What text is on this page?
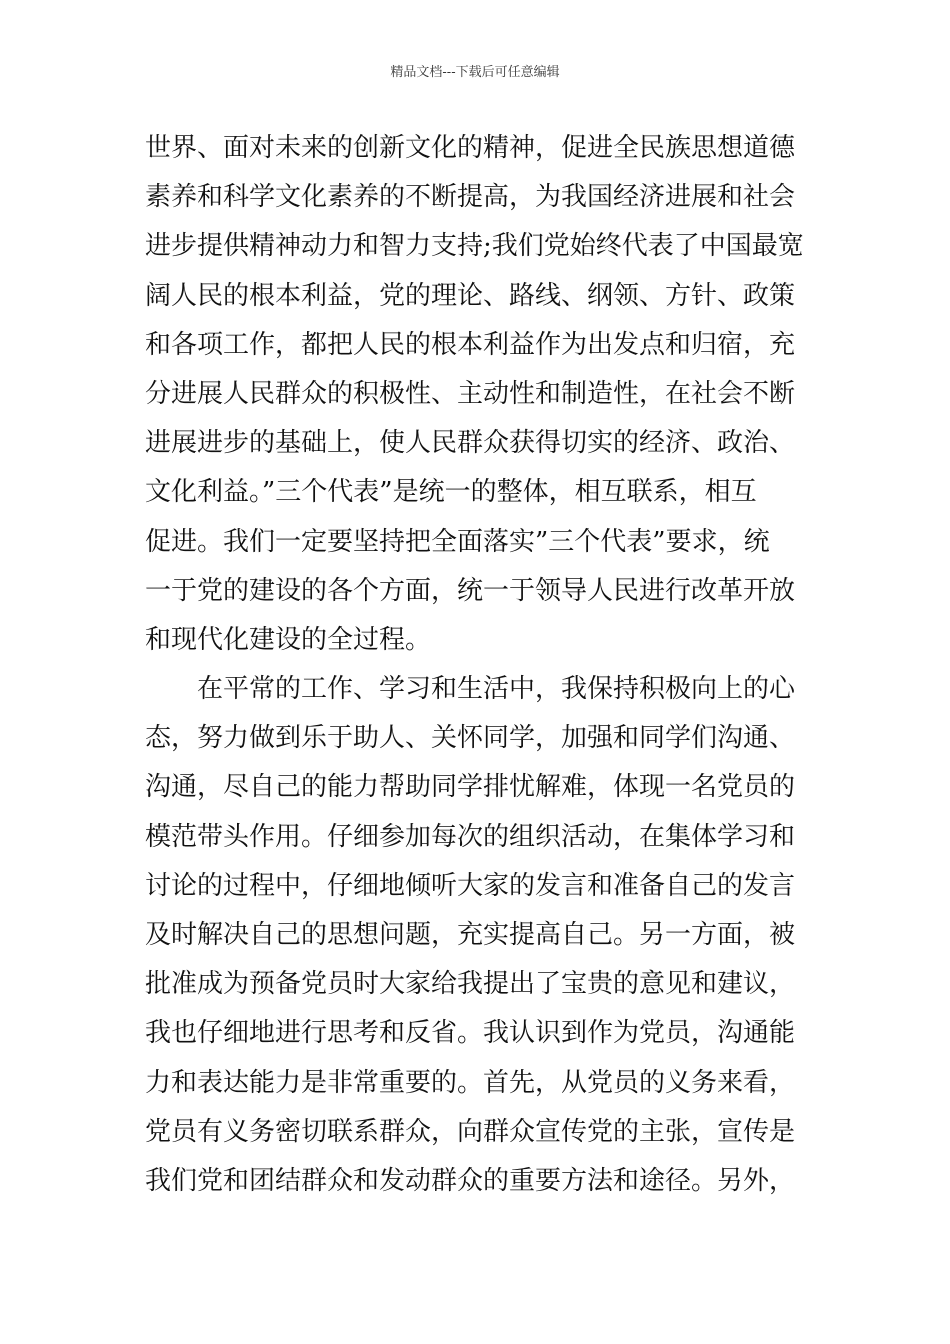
精品文档---下载后可任意编辑
世界、面对未来的创新文化的精神，促进全民族思想道德
素养和科学文化素养的不断提高，为我国经济进展和社会
进步提供精神动力和智力支持;我们党始终代表了中国最宽
阔人民的根本利益，党的理论、路线、纲领、方针、政策
和各项工作，都把人民的根本利益作为出发点和归宿，充
分进展人民群众的积极性、主动性和制造性，在社会不断
进展进步的基础上，使人民群众获得切实的经济、政治、
文化利益。”三个代表”是统一的整体，相互联系，相互
促进。我们一定要坚持把全面落实”三个代表”要求，统
一于党的建设的各个方面，统一于领导人民进行改革开放
和现代化建设的全过程。
　　在平常的工作、学习和生活中，我保持积极向上的心
态，努力做到乐于助人、关怀同学，加强和同学们沟通、
沟通，尽自己的能力帮助同学排忧解难，体现一名党员的
模范带头作用。仔细参加每次的组织活动，在集体学习和
讨论的过程中，仔细地倾听大家的发言和准备自己的发言
及时解决自己的思想问题，充实提高自己。另一方面，被
批准成为预备党员时大家给我提出了宝贵的意见和建议，
我也仔细地进行思考和反省。我认识到作为党员，沟通能
力和表达能力是非常重要的。首先，从党员的义务来看，
党员有义务密切联系群众，向群众宣传党的主张，宣传是
我们党和团结群众和发动群众的重要方法和途径。另外，
